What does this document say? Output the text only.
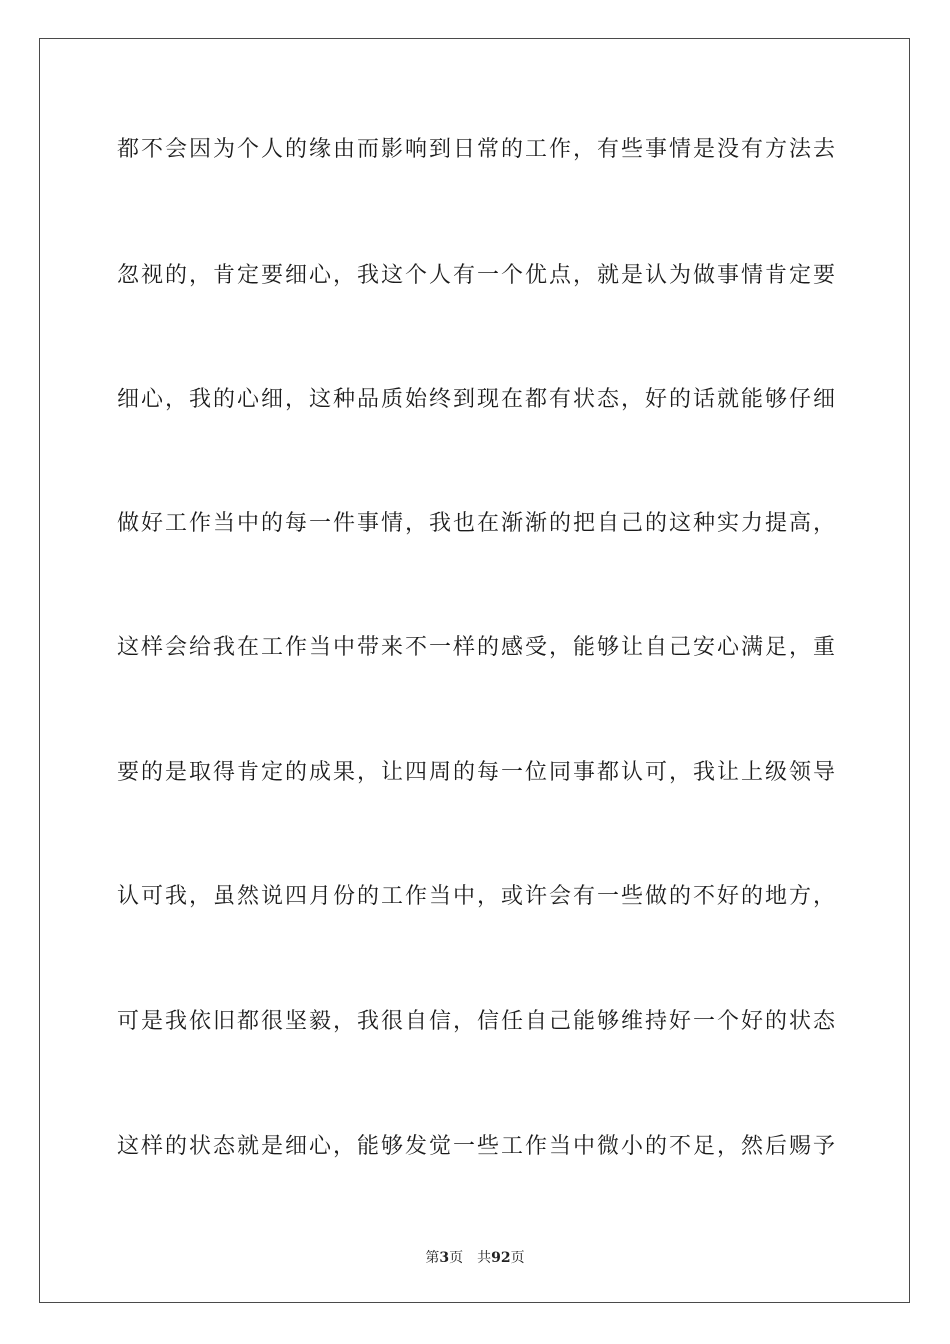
都不会因为个人的缘由而影响到日常的工作，有些事情是没有方法去
忽视的，肯定要细心，我这个人有一个优点，就是认为做事情肯定要
细心，我的心细，这种品质始终到现在都有状态，好的话就能够仔细
做好工作当中的每一件事情，我也在渐渐的把自己的这种实力提高，
这样会给我在工作当中带来不一样的感受，能够让自己安心满足，重
要的是取得肯定的成果，让四周的每一位同事都认可，我让上级领导
认可我，虽然说四月份的工作当中，或许会有一些做的不好的地方，
可是我依旧都很坚毅，我很自信，信任自己能够维持好一个好的状态
这样的状态就是细心，能够发觉一些工作当中微小的不足，然后赐予
第3页 共92页
